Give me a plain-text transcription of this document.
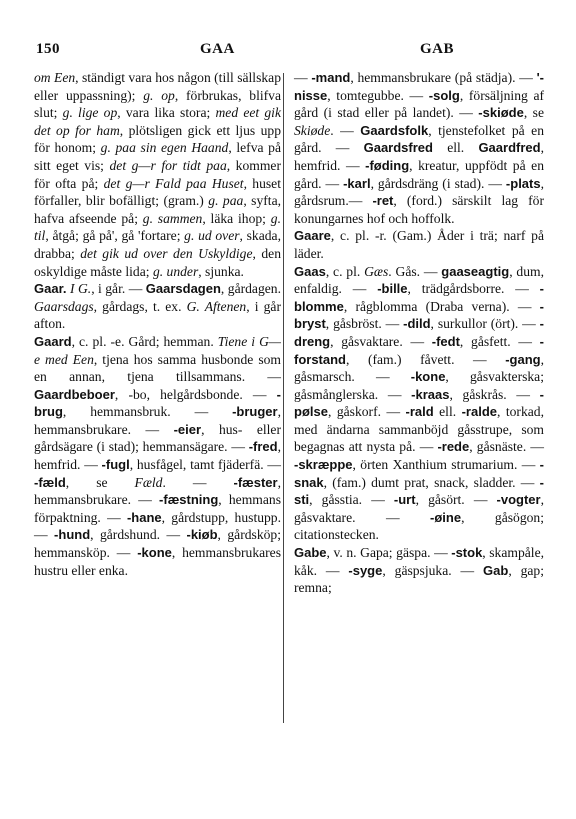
150	GAA	GAB

om Een, ständigt vara hos någon (till sällskap eller uppassning); g. op, förbrukas, blifva slut; g. lige op, vara lika stora; med eet gik det op for ham, plötsligen gick ett ljus upp för honom; g. paa sin egen Haand, lefva på sitt eget vis; det g—r for tidt paa, kommer för ofta på; det g—r Fald paa Huset, huset förfaller, blir bofälligt; (gram.) g. paa, syfta, hafva afseende på; g. sammen, läka ihop; g. til, åtgå; gå på', gå 'fortare; g. ud over, skada, drabba; det gik ud over den Uskyldige, den oskyldige måste lida; g. under, sjunka.

Gaar. I G., i går. — Gaarsdagen, gårdagen. Gaarsdags, gårdags, t. ex. G. Aftenen, i går afton.

Gaard, c. pl. -e. Gård; hemman. Tiene i G—e med Een, tjena hos samma husbonde som en annan, tjena tillsammans. — Gaardbeboer, -bo, helgårdsbonde. — -brug, hemmansbruk. — -bruger, hemmansbrukare. — -eier, hus- eller gårdsägare (i stad); hemmansägare. — -fred, hemfrid. — -fugl, husfågel, tamt fjäderfä. — -fæld, se Fæld. — -fæster, hemmansbrukare. — -fæstning, hemmans förpaktning. — -hane, gårdstupp, hustupp. — -hund, gårdshund. — -kiøb, gårdsköp; hemmansköp. — -kone, hemmansbrukares hustru eller enka.

— -mand, hemmansbrukare (på städja). — '-nisse, tomtegubbe. — -solg, försäljning af gård (i stad eller på landet). — -skiøde, se Skiøde. — Gaardsfolk, tjenstefolket på en gård. — Gaardsfred ell. Gaardfred, hemfrid. — -føding, kreatur, uppfödt på en gård. — -karl, gårdsdräng (i stad). — -plats, gårdsrum.— -ret, (ford.) särskilt lag för konungarnes hof och hoffolk.

Gaare, c. pl. -r. (Gam.) Åder i trä; narf på läder.

Gaas, c. pl. Gæs. Gås. — gaaseagtig, dum, enfaldig. — -bille, trädgårdsborre. — -blomme, rågblomma (Draba verna). — -bryst, gåsbröst. — -dild, surkullor (ört). — -dreng, gåsvaktare. — -fedt, gåsfett. — -forstand, (fam.) fåvett. — -gang, gåsmarsch. — -kone, gåsvakterska; gåsmånglerska. — -kraas, gåskrås. — -pølse, gåskorf. — -rald ell. -ralde, torkad, med ändarna sammanböjd gåsstrupe, som begagnas att nysta på. — -rede, gåsnäste. — -skræppe, örten Xanthium strumarium. — -snak, (fam.) dumt prat, snack, sladder. — -sti, gåsstia. — -urt, gåsört. — -vogter, gåsvaktare. — -øine, gåsögon; citationstecken.

Gabe, v. n. Gapa; gäspa. — -stok, skampåle, kåk. — -syge, gäspsjuka. — Gab, gap; remna;
